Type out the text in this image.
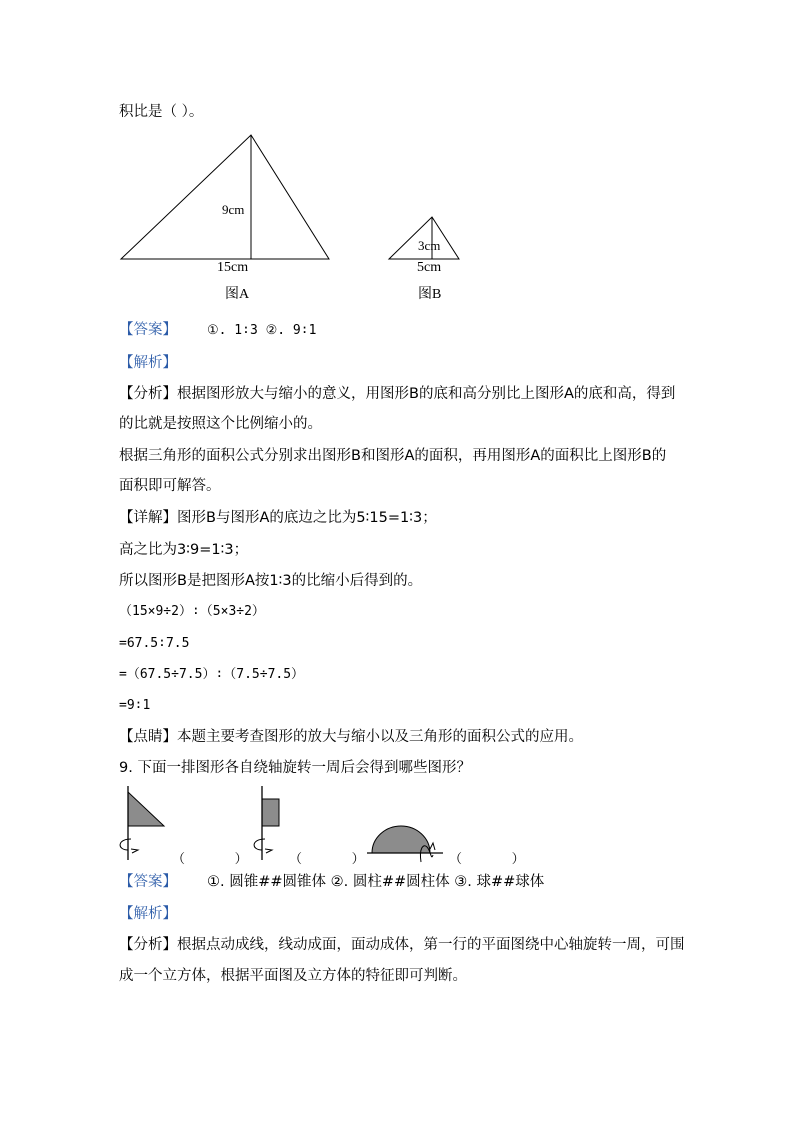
积比是（ ）。
9cm
15cm
图A
3cm
5cm
图B
【答案】 ①. 1∶3 ②. 9∶1
【解析】
【分析】根据图形放大与缩小的意义，用图形B的底和高分别比上图形A的底和高，得到
的比就是按照这个比例缩小的。
根据三角形的面积公式分别求出图形B和图形A的面积，再用图形A的面积比上图形B的
面积即可解答。
【详解】图形B与图形A的底边之比为5∶15=1∶3；
高之比为3∶9=1∶3；
所以图形B是把图形A按1∶3的比缩小后得到的。
（15×9÷2）∶（5×3÷2）
=67.5∶7.5
=（67.5÷7.5）∶（7.5÷7.5）
=9∶1
【点睛】本题主要考查图形的放大与缩小以及三角形的面积公式的应用。
9. 下面一排图形各自绕轴旋转一周后会得到哪些图形？
（            ）	（            ）	（            ）
【答案】 ①. 圆锥##圆锥体 ②. 圆柱##圆柱体 ③. 球##球体
【解析】
【分析】根据点动成线，线动成面，面动成体，第一行的平面图绕中心轴旋转一周，可围
成一个立方体，根据平面图及立方体的特征即可判断。
